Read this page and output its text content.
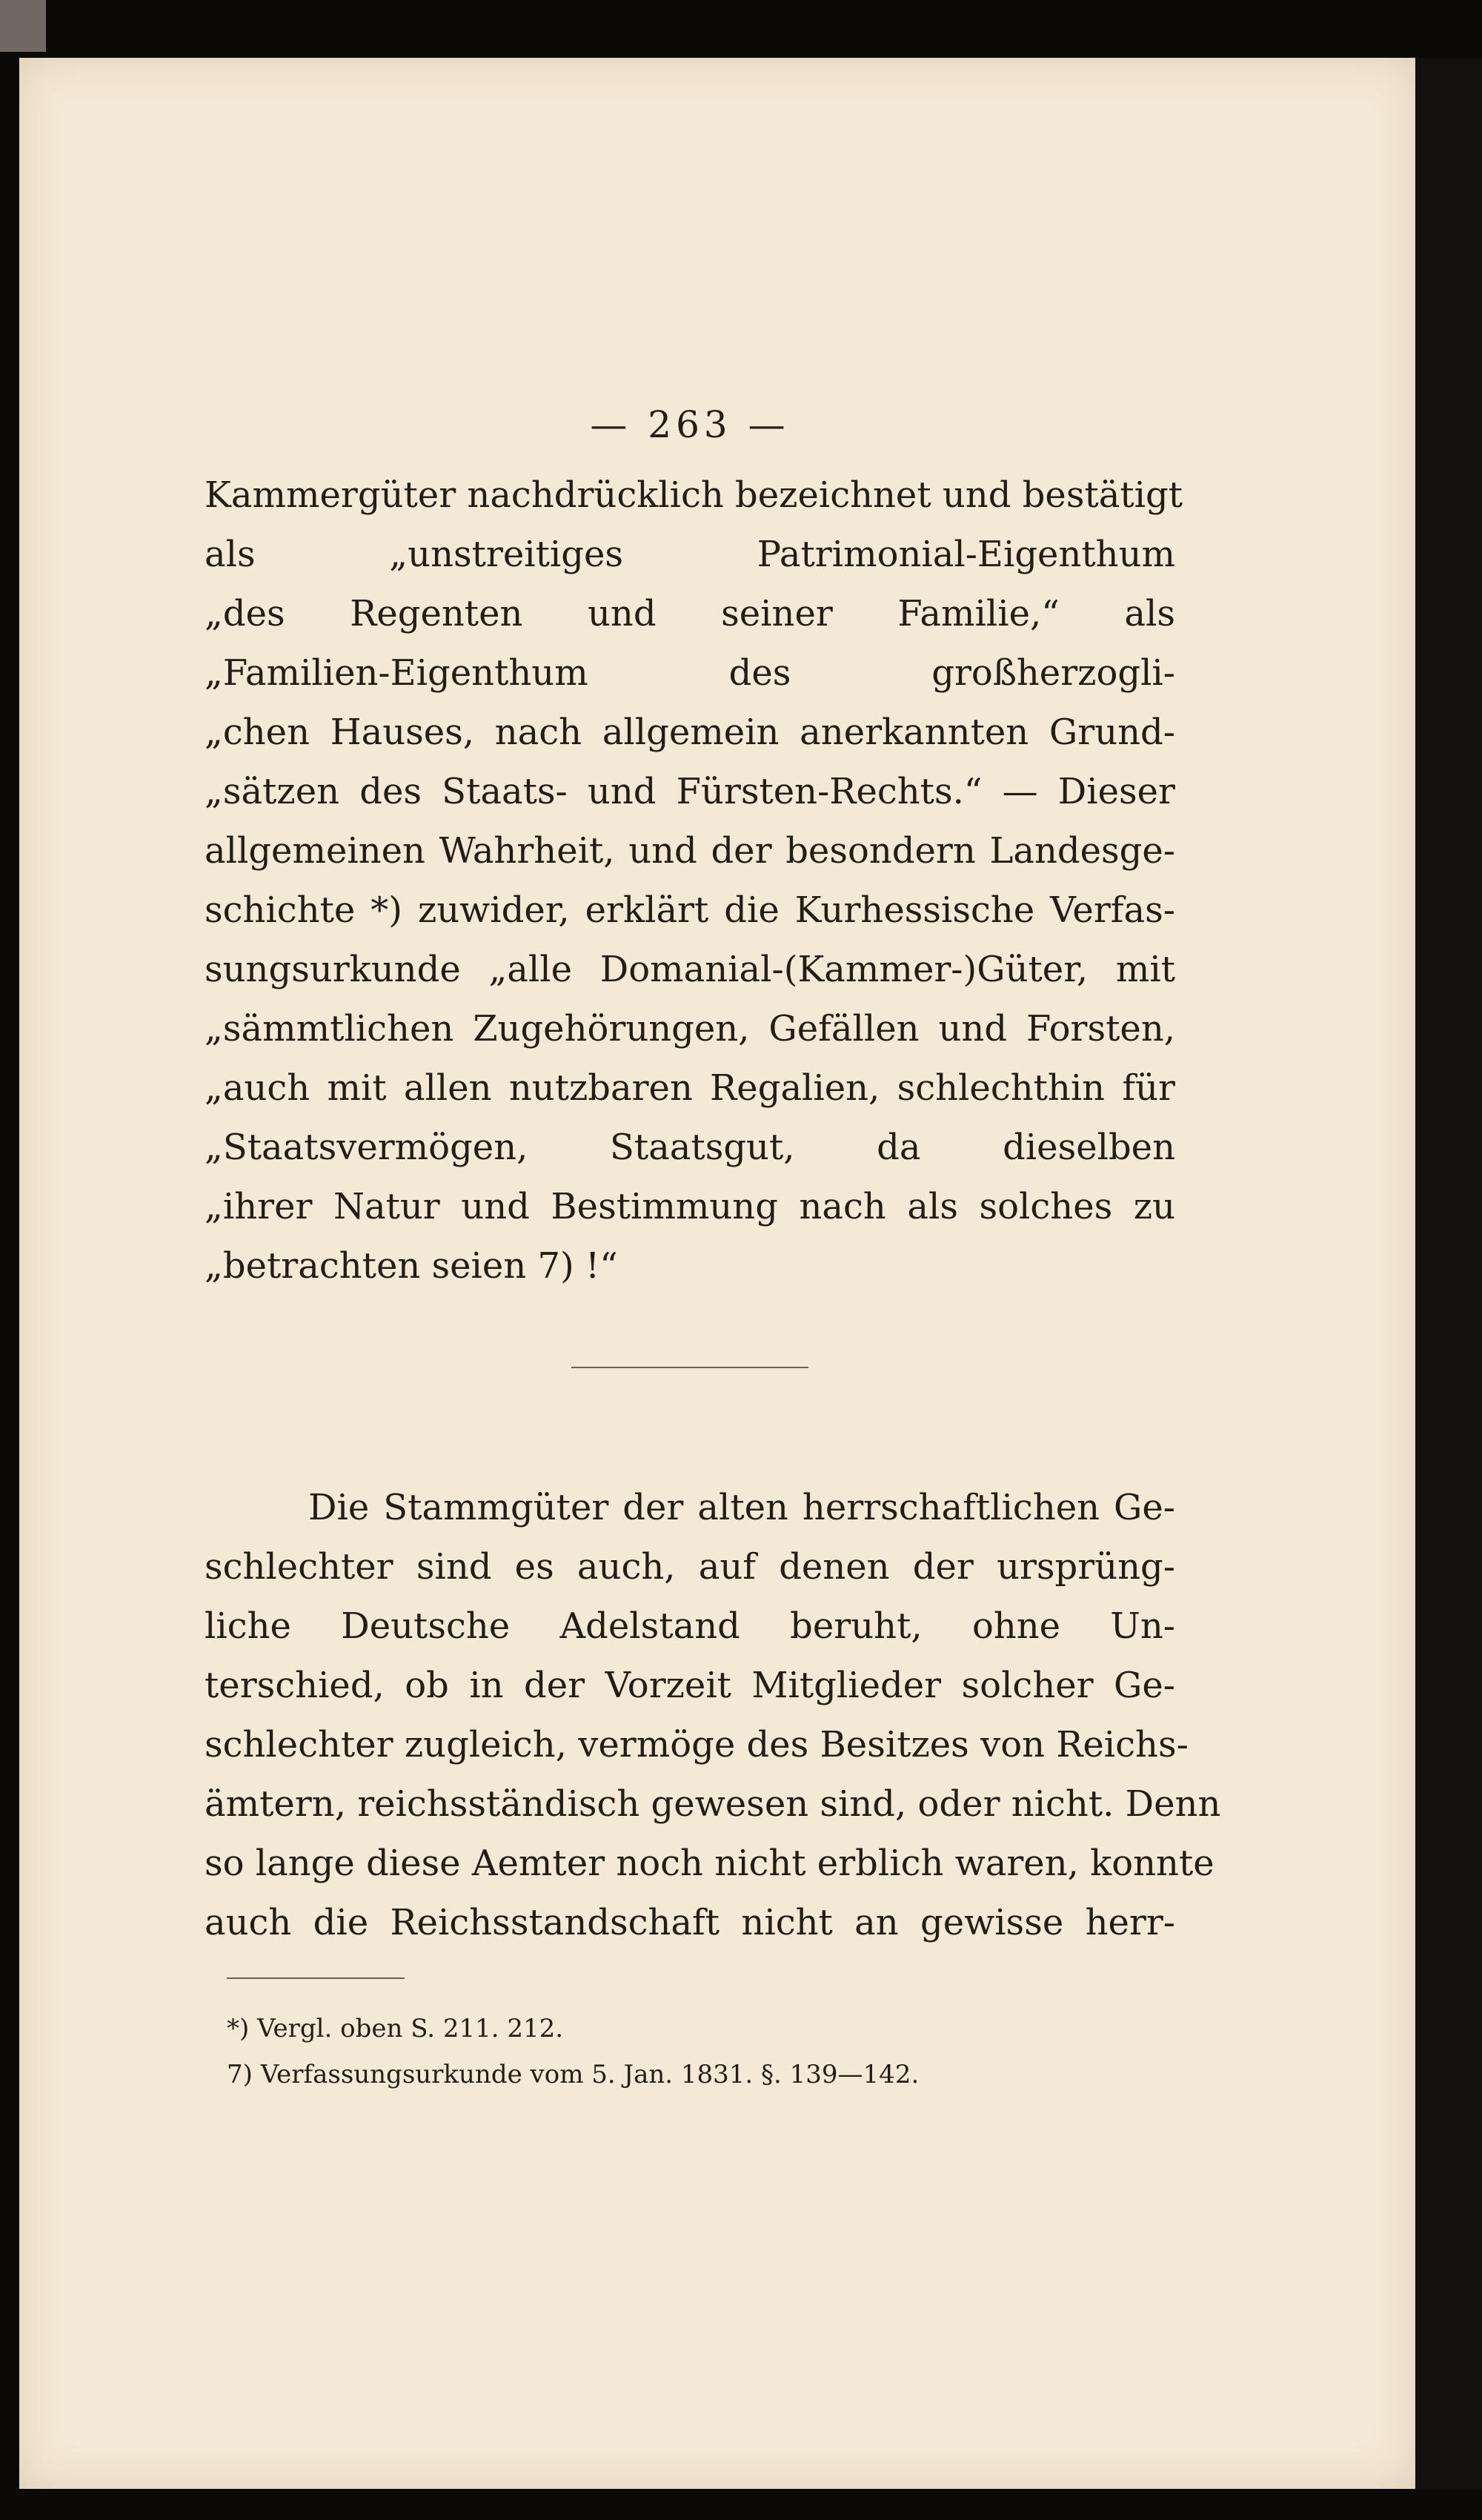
— 263 —
Kammergüter nachdrücklich bezeichnet und bestätigt
als „unstreitiges Patrimonial-Eigenthum
„des Regenten und seiner Familie,“ als
„Familien-Eigenthum des großherzogli-
„chen Hauses, nach allgemein anerkannten Grund-
„sätzen des Staats- und Fürsten-Rechts.“ — Dieser
allgemeinen Wahrheit, und der besondern Landesge-
schichte *) zuwider, erklärt die Kurhessische Verfas-
sungsurkunde „alle Domanial-(Kammer-)Güter, mit
„sämmtlichen Zugehörungen, Gefällen und Forsten,
„auch mit allen nutzbaren Regalien, schlechthin für
„Staatsvermögen, Staatsgut, da dieselben
„ihrer Natur und Bestimmung nach als solches zu
„betrachten seien 7) !“
Die Stammgüter der alten herrschaftlichen Ge-
schlechter sind es auch, auf denen der ursprüng-
liche Deutsche Adelstand beruht, ohne Un-
terschied, ob in der Vorzeit Mitglieder solcher Ge-
schlechter zugleich, vermöge des Besitzes von Reichs-
ämtern, reichsständisch gewesen sind, oder nicht. Denn
so lange diese Aemter noch nicht erblich waren, konnte
auch die Reichsstandschaft nicht an gewisse herr-
*) Vergl. oben S. 211. 212.
7) Verfassungsurkunde vom 5. Jan. 1831. §. 139—142.
